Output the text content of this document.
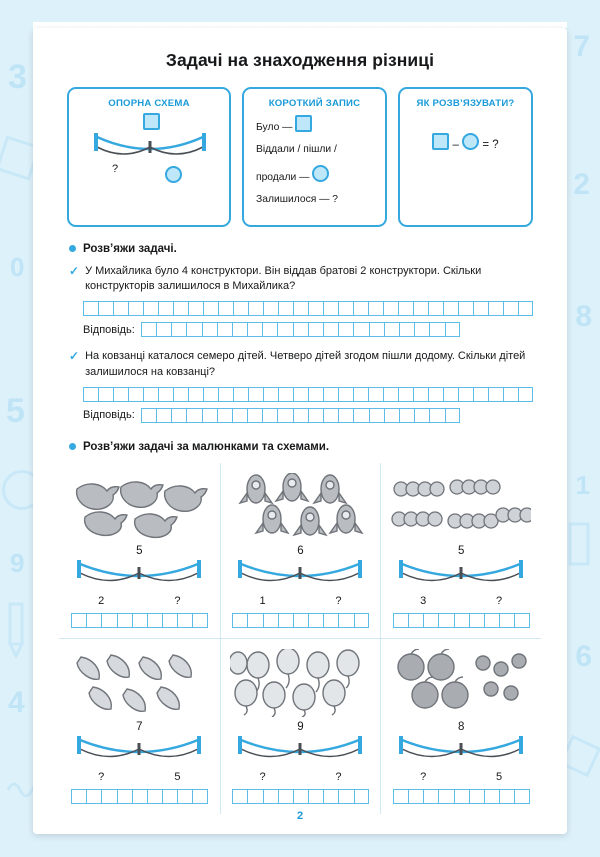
3
0
5
9
4
7
2
8
1
6
Задачі на знаходження різниці
ОПОРНА СХЕМА
?
КОРОТКИЙ ЗАПИС
Було —
Віддали / пішли /
продали —
Залишилося — ?
ЯК РОЗВ’ЯЗУВАТИ?
– = ?
Розв’яжи задачі.
✓ У Михайлика було 4 конструктори. Він віддав братові 2 конструктори. Скільки конструкторів залишилося в Михайлика?

Відповідь:
✓ На ковзанці каталося семеро дітей. Четверо дітей згодом пішли додому. Скільки дітей залишилося на ковзанці?

Відповідь:
Розв’яжи задачі за малюнками та схемами.
5
2	?
6
1	?
5
3	?
7
?	5
9
?	?
8
?	5
2
